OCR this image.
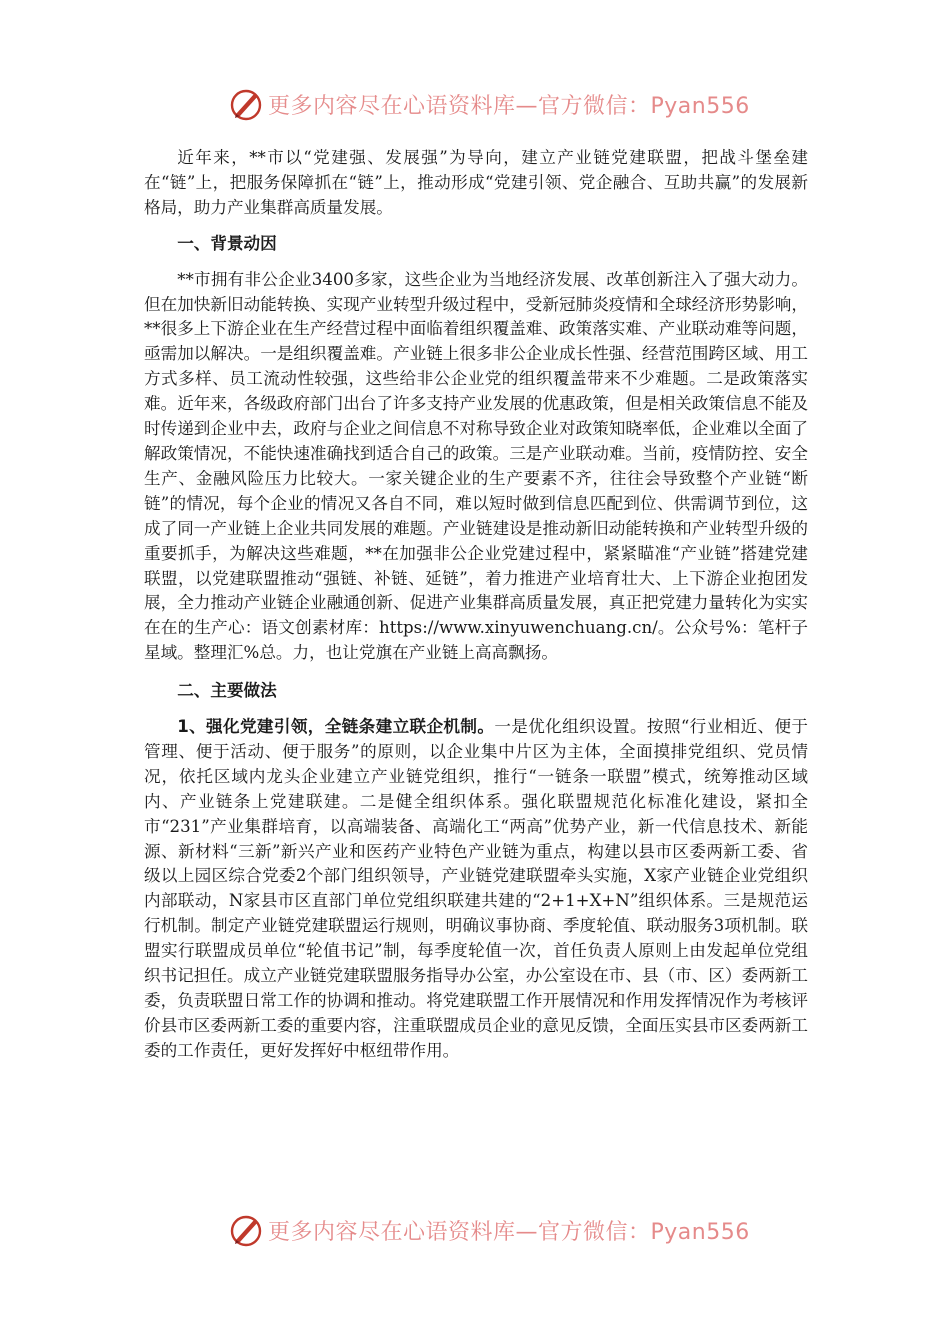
更多内容尽在心语资料库—官方微信：Pyan556

近年来，**市以“党建强、发展强”为导向，建立产业链党建联盟，把战斗堡垒建在“链”上，把服务保障抓在“链”上，推动形成“党建引领、党企融合、互助共赢”的发展新格局，助力产业集群高质量发展。

一、背景动因

**市拥有非公企业3400多家，这些企业为当地经济发展、改革创新注入了强大动力。但在加快新旧动能转换、实现产业转型升级过程中，受新冠肺炎疫情和全球经济形势影响，**很多上下游企业在生产经营过程中面临着组织覆盖难、政策落实难、产业联动难等问题，亟需加以解决。一是组织覆盖难。产业链上很多非公企业成长性强、经营范围跨区域、用工方式多样、员工流动性较强，这些给非公企业党的组织覆盖带来不少难题。二是政策落实难。近年来，各级政府部门出台了许多支持产业发展的优惠政策，但是相关政策信息不能及时传递到企业中去，政府与企业之间信息不对称导致企业对政策知晓率低，企业难以全面了解政策情况，不能快速准确找到适合自己的政策。三是产业联动难。当前，疫情防控、安全生产、金融风险压力比较大。一家关键企业的生产要素不齐，往往会导致整个产业链“断链”的情况，每个企业的情况又各自不同，难以短时做到信息匹配到位、供需调节到位，这成了同一产业链上企业共同发展的难题。产业链建设是推动新旧动能转换和产业转型升级的重要抓手，为解决这些难题，**在加强非公企业党建过程中，紧紧瞄准“产业链”搭建党建联盟，以党建联盟推动“强链、补链、延链”，着力推进产业培育壮大、上下游企业抱团发展，全力推动产业链企业融通创新、促进产业集群高质量发展，真正把党建力量转化为实实在在的生产心：语文创素材库：https://www.xinyuwenchuang.cn/。公众号%：笔杆子星域。整理汇%总。力，也让党旗在产业链上高高飘扬。

二、主要做法

1、强化党建引领，全链条建立联企机制。一是优化组织设置。按照“行业相近、便于管理、便于活动、便于服务”的原则，以企业集中片区为主体，全面摸排党组织、党员情况，依托区域内龙头企业建立产业链党组织，推行“一链条一联盟”模式，统筹推动区域内、产业链条上党建联建。二是健全组织体系。强化联盟规范化标准化建设，紧扣全市“231”产业集群培育，以高端装备、高端化工“两高”优势产业，新一代信息技术、新能源、新材料“三新”新兴产业和医药产业特色产业链为重点，构建以县市区委两新工委、省级以上园区综合党委2个部门组织领导，产业链党建联盟牵头实施，X家产业链企业党组织内部联动，N家县市区直部门单位党组织联建共建的“2+1+X+N”组织体系。三是规范运行机制。制定产业链党建联盟运行规则，明确议事协商、季度轮值、联动服务3项机制。联盟实行联盟成员单位“轮值书记”制，每季度轮值一次，首任负责人原则上由发起单位党组织书记担任。成立产业链党建联盟服务指导办公室，办公室设在市、县（市、区）委两新工委，负责联盟日常工作的协调和推动。将党建联盟工作开展情况和作用发挥情况作为考核评价县市区委两新工委的重要内容，注重联盟成员企业的意见反馈，全面压实县市区委两新工委的工作责任，更好发挥好中枢纽带作用。

更多内容尽在心语资料库—官方微信：Pyan556
